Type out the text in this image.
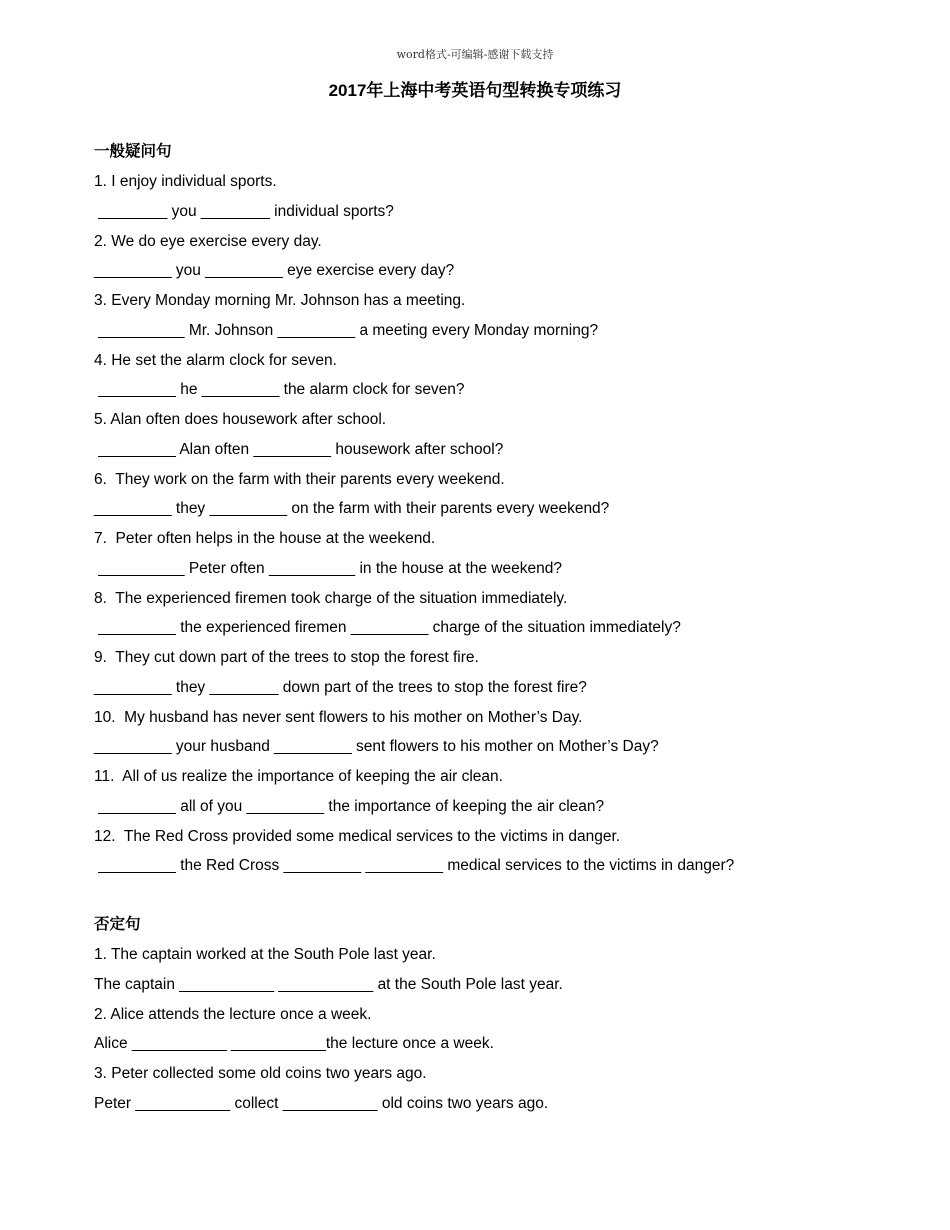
word格式-可编辑-感谢下载支持
2017年上海中考英语句型转换专项练习
一般疑问句
1. I enjoy individual sports.
________ you ________ individual sports?
2. We do eye exercise every day.
_________ you _________ eye exercise every day?
3. Every Monday morning Mr. Johnson has a meeting.
__________ Mr. Johnson _________ a meeting every Monday morning?
4. He set the alarm clock for seven.
_________ he _________ the alarm clock for seven?
5. Alan often does housework after school.
_________ Alan often _________ housework after school?
6.  They work on the farm with their parents every weekend.
_________ they _________ on the farm with their parents every weekend?
7.  Peter often helps in the house at the weekend.
__________ Peter often __________ in the house at the weekend?
8.  The experienced firemen took charge of the situation immediately.
_________ the experienced firemen _________ charge of the situation immediately?
9.  They cut down part of the trees to stop the forest fire.
_________ they ________ down part of the trees to stop the forest fire?
10.  My husband has never sent flowers to his mother on Mother’s Day.
_________ your husband _________ sent flowers to his mother on Mother’s Day?
11.  All of us realize the importance of keeping the air clean.
_________ all of you _________ the importance of keeping the air clean?
12.  The Red Cross provided some medical services to the victims in danger.
_________ the Red Cross _________ _________ medical services to the victims in danger?
否定句
1. The captain worked at the South Pole last year.
The captain ___________ ___________ at the South Pole last year.
2. Alice attends the lecture once a week.
Alice ___________ ___________the lecture once a week.
3. Peter collected some old coins two years ago.
Peter ___________ collect ___________ old coins two years ago.
